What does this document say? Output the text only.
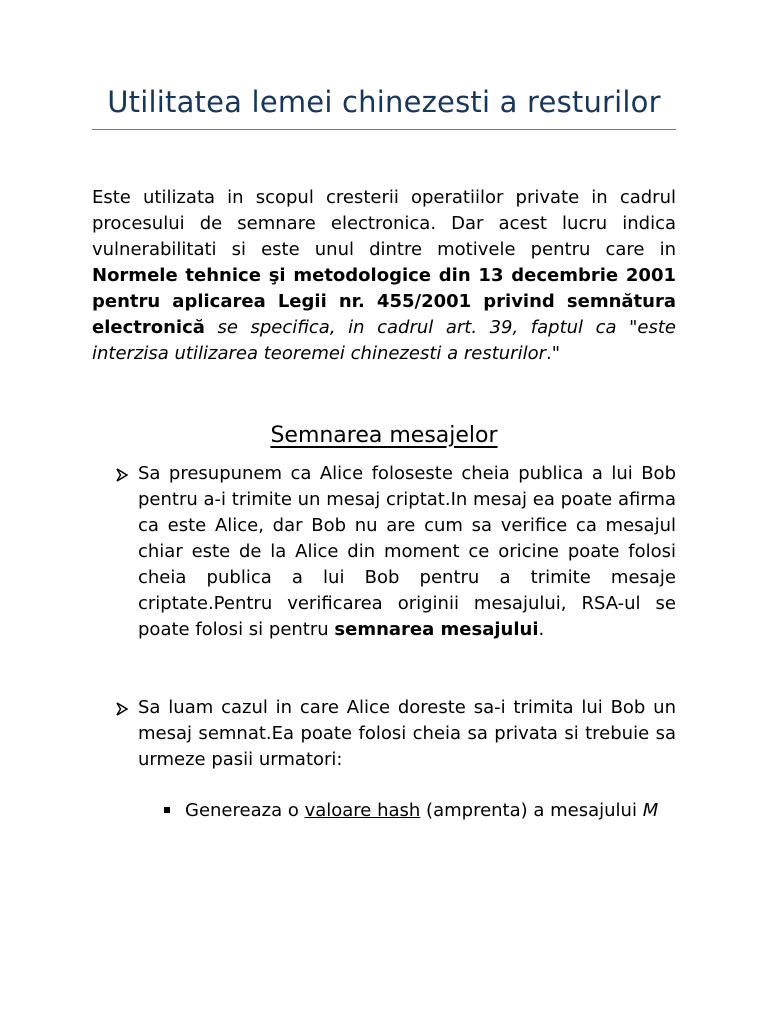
Utilitatea lemei chinezesti a resturilor

Este utilizata in scopul cresterii operatiilor private in cadrul procesului de semnare electronica. Dar acest lucru indica vulnerabilitati si este unul dintre motivele pentru care in Normele tehnice şi metodologice din 13 decembrie 2001 pentru aplicarea Legii nr. 455/2001 privind semnătura electronică se specifica, in cadrul art. 39, faptul ca "este interzisa utilizarea teoremei chinezesti a resturilor."

Semnarea mesajelor
Sa presupunem ca Alice foloseste cheia publica a lui Bob pentru a-i trimite un mesaj criptat.In mesaj ea poate afirma ca este Alice, dar Bob nu are cum sa verifice ca mesajul chiar este de la Alice din moment ce oricine poate folosi cheia publica a lui Bob pentru a trimite mesaje criptate.Pentru verificarea originii mesajului, RSA-ul se poate folosi si pentru semnarea mesajului.
Sa luam cazul in care Alice doreste sa-i trimita lui Bob un mesaj semnat.Ea poate folosi cheia sa privata si trebuie sa urmeze pasii urmatori:
Genereaza o valoare hash (amprenta) a mesajului M
